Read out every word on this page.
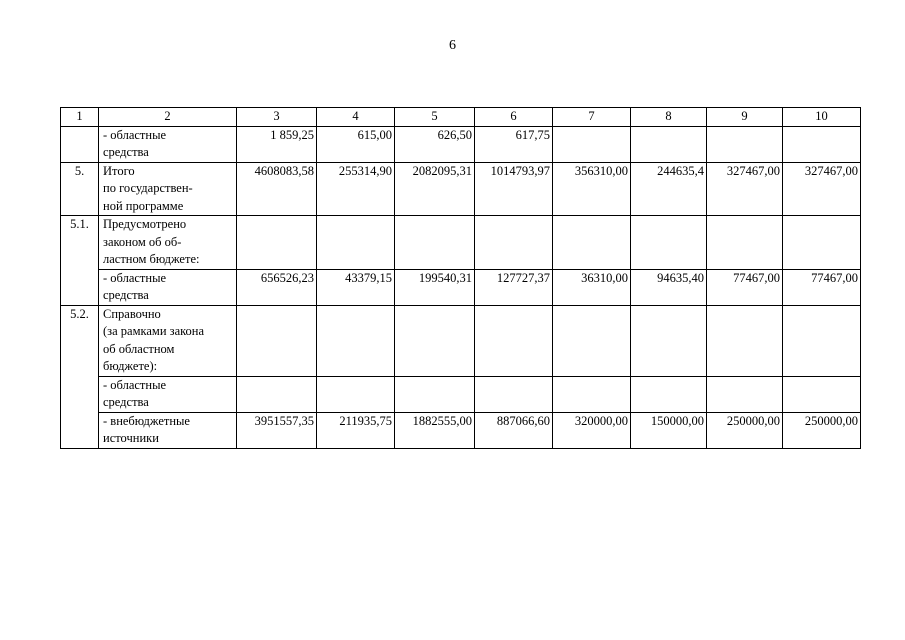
6
1	2	3	4	5	6	7	8	9	10
	- областные
средства	1 859,25	615,00	626,50	617,75				
5.	Итого
по государствен-
ной программе	4608083,58	255314,90	2082095,31	1014793,97	356310,00	244635,4	327467,00	327467,00
5.1.	Предусмотрено
законом об об-
ластном бюджете:								
	- областные
средства	656526,23	43379,15	199540,31	127727,37	36310,00	94635,40	77467,00	77467,00
5.2.	Справочно
(за рамками закона
об областном
бюджете):								
	- областные
средства								
	- внебюджетные
источники	3951557,35	211935,75	1882555,00	887066,60	320000,00	150000,00	250000,00	250000,00
